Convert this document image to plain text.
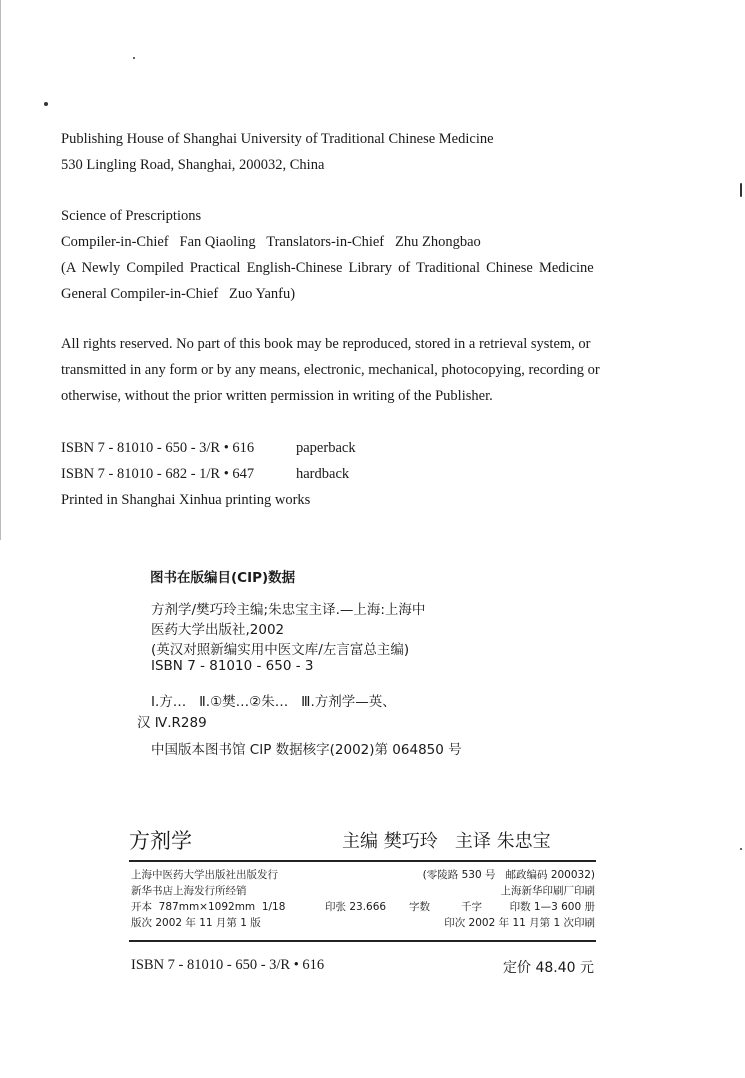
Publishing House of Shanghai University of Traditional Chinese Medicine
530 Lingling Road, Shanghai, 200032, China
Science of Prescriptions
Compiler-in-Chief   Fan Qiaoling   Translators-in-Chief   Zhu Zhongbao
(A Newly Compiled Practical English-Chinese Library of Traditional Chinese Medicine
General Compiler-in-Chief   Zuo Yanfu)
All rights reserved. No part of this book may be reproduced, stored in a retrieval system, or
transmitted in any form or by any means, electronic, mechanical, photocopying, recording or
otherwise, without the prior written permission in writing of the Publisher.
ISBN 7 - 81010 - 650 - 3/R • 616	paperback
ISBN 7 - 81010 - 682 - 1/R • 647	hardback
Printed in Shanghai Xinhua printing works
图书在版编目(CIP)数据
方剂学/樊巧玲主编;朱忠宝主译.—上海:上海中
医药大学出版社,2002
(英汉对照新编实用中医文库/左言富总主编)
ISBN 7 - 81010 - 650 - 3
Ⅰ.方…   Ⅱ.①樊…②朱…   Ⅲ.方剂学—英、
汉 Ⅳ.R289
中国版本图书馆 CIP 数据核字(2002)第 064850 号
方剂学	主编 樊巧玲   主译 朱忠宝
上海中医药大学出版社出版发行	(零陵路 530 号   邮政编码 200032)
新华书店上海发行所经销	上海新华印刷厂印刷
开本  787mm×1092mm  1/18	印张 23.666 字数	千字	印数 1—3 600 册
版次 2002 年 11 月第 1 版	印次 2002 年 11 月第 1 次印刷
ISBN 7 - 81010 - 650 - 3/R • 616	定价 48.40 元
